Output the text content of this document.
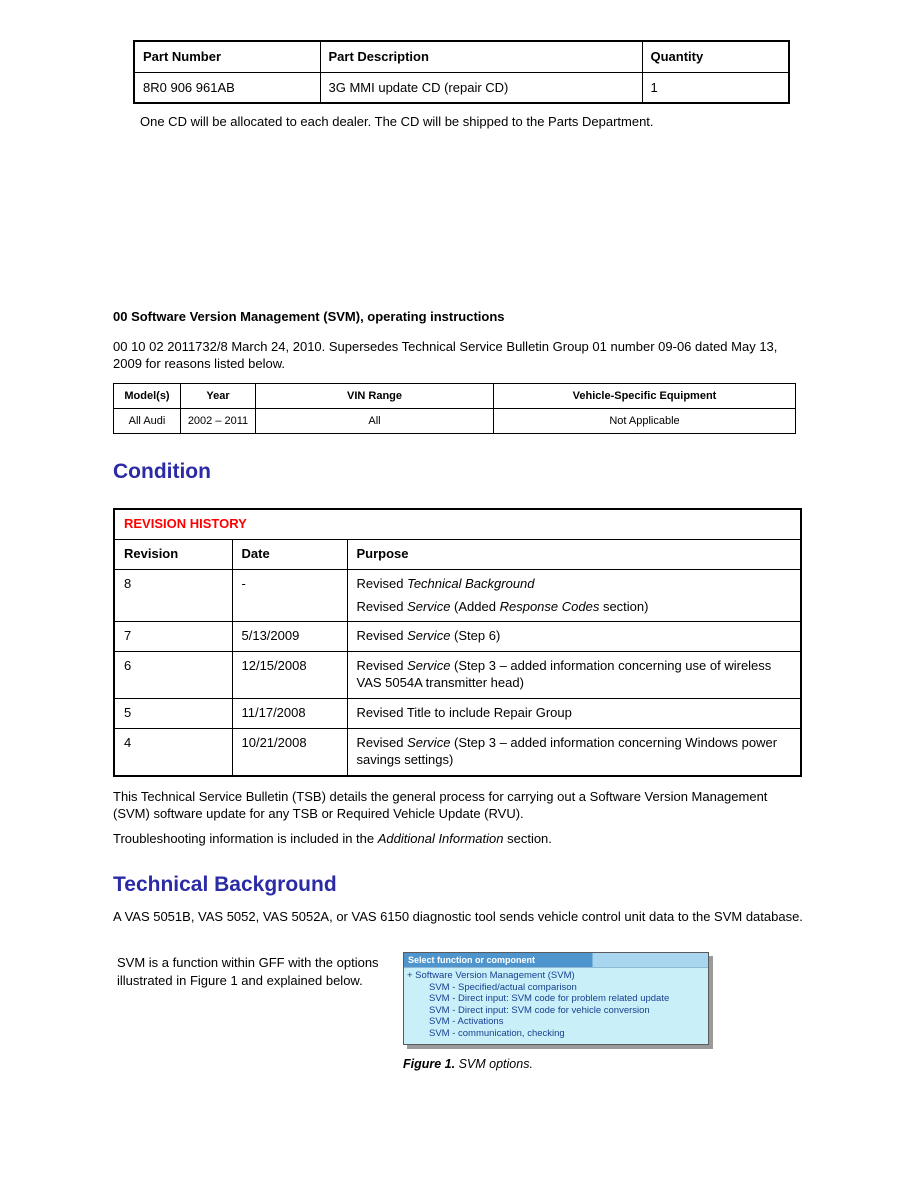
Part Number	Part Description	Quantity
8R0 906 961AB	3G MMI update CD (repair CD)	1
One CD will be allocated to each dealer. The CD will be shipped to the Parts Department.
00 Software Version Management (SVM), operating instructions
00 10 02 2011732/8 March 24, 2010. Supersedes Technical Service Bulletin Group 01 number 09-06 dated May 13, 2009 for reasons listed below.
Model(s)	Year	VIN Range	Vehicle-Specific Equipment
All Audi	2002 – 2011	All	Not Applicable
Condition
REVISION HISTORY		
Revision	Date	Purpose
8	-	Revised Technical Background
Revised Service (Added Response Codes section)

7	5/13/2009	Revised Service (Step 6)

6	12/15/2008	Revised Service (Step 3 – added information concerning use of wireless VAS 5054A transmitter head)

5	11/17/2008	Revised Title to include Repair Group

4	10/21/2008	Revised Service (Step 3 – added information concerning Windows power savings settings)
This Technical Service Bulletin (TSB) details the general process for carrying out a Software Version Management (SVM) software update for any TSB or Required Vehicle Update (RVU).
Troubleshooting information is included in the Additional Information section.
Technical Background
A VAS 5051B, VAS 5052, VAS 5052A, or VAS 6150 diagnostic tool sends vehicle control unit data to the SVM database.
SVM is a function within GFF with the options illustrated in Figure 1 and explained below.
Select function or component
+ Software Version Management (SVM)
SVM - Specified/actual comparison
SVM - Direct input: SVM code for problem related update
SVM - Direct input: SVM code for vehicle conversion
SVM - Activations
SVM - communication, checking
Figure 1. SVM options.
